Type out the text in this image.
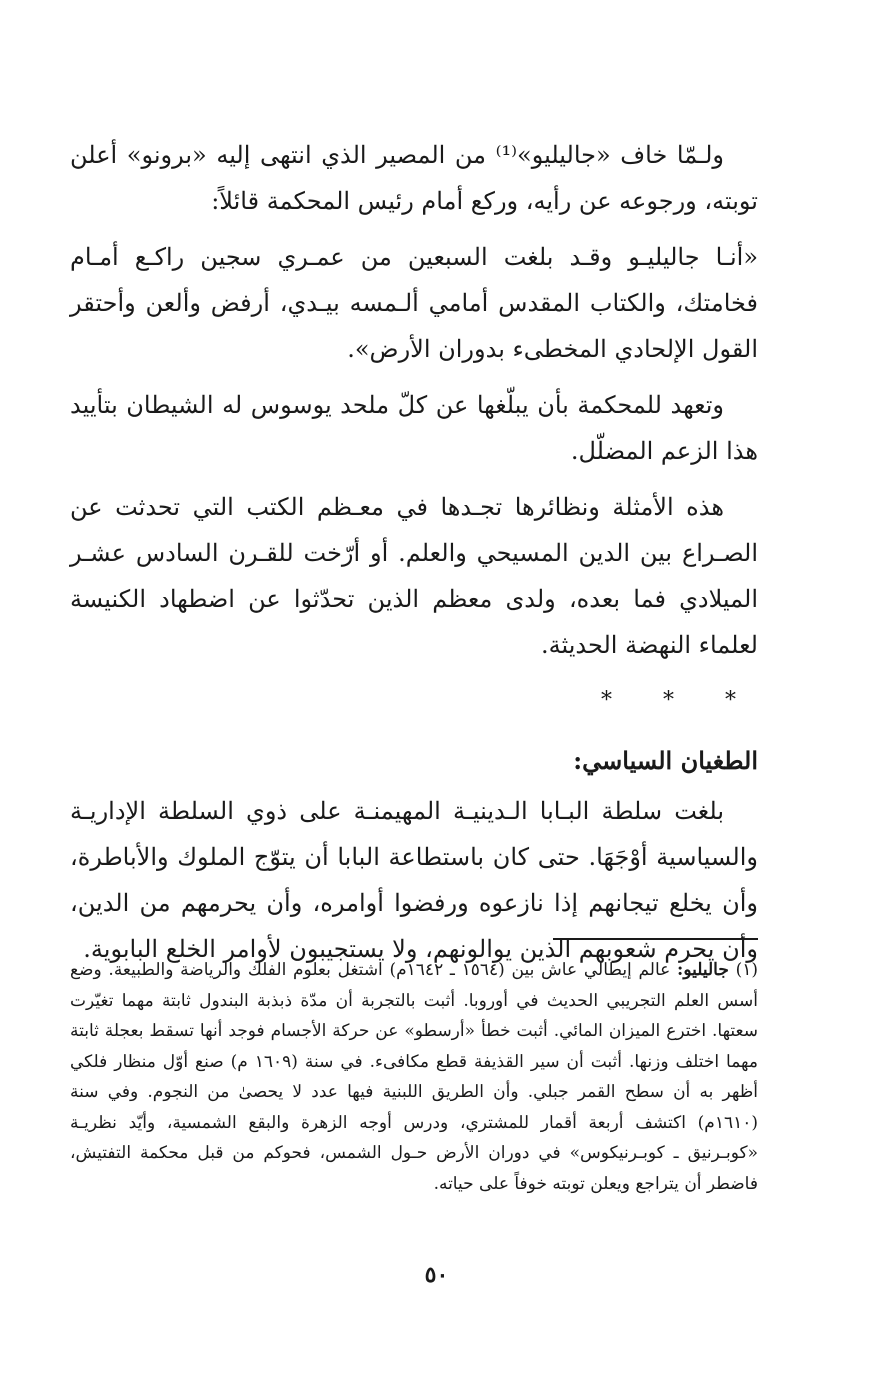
ولـمّا خاف «جاليليو»⁽¹⁾ من المصير الذي انتهى إليه «برونو» أعلن توبته، ورجوعه عن رأيه، وركع أمام رئيس المحكمة قائلاً:

«أنـا جاليليـو وقـد بلغت السبعين من عمـري سجين راكـع أمـام فخامتك، والكتاب المقدس أمامي ألـمسه بيـدي، أرفض وألعن وأحتقر القول الإلحادي المخطىء بدوران الأرض».

وتعهد للمحكمة بأن يبلّغها عن كلّ ملحد يوسوس له الشيطان بتأييد هذا الزعم المضلّل.

هذه الأمثلة ونظائرها تجـدها في معـظم الكتب التي تحدثت عن الصـراع بين الدين المسيحي والعلم. أو أرّخت للقـرن السادس عشـر الميلادي فما بعده، ولدى معظم الذين تحدّثوا عن اضطهاد الكنيسة لعلماء النهضة الحديثة.

* * *
الطغيان السياسي:

بلغت سلطة البـابا الـدينيـة المهيمنـة على ذوي السلطة الإداريـة والسياسية أوْجَهَا. حتى كان باستطاعة البابا أن يتوّج الملوك والأباطرة، وأن يخلع تيجانهم إذا نازعوه ورفضوا أوامره، وأن يحرمهم من الدين، وأن يحرم شعوبهم الذين يوالونهم، ولا يستجيبون لأوامر الخلع البابوية.

(١) جاليليو: عالم إيطالي عاش بين (١٥٦٤ ـ ١٦٤٢م) اشتغل بعلوم الفلك والرياضة والطبيعة. وضع أسس العلم التجريبي الحديث في أوروبا. أثبت بالتجربة أن مدّة ذبذبة البندول ثابتة مهما تغيّرت سعتها. اخترع الميزان المائي. أثبت خطأ «أرسطو» عن حركة الأجسام فوجد أنها تسقط بعجلة ثابتة مهما اختلف وزنها. أثبت أن سير القذيفة قطع مكافىء. في سنة (١٦٠٩ م) صنع أوّل منظار فلكي أظهر به أن سطح القمر جبلي. وأن الطريق اللبنية فيها عدد لا يحصىٰ من النجوم. وفي سنة (١٦١٠م) اكتشف أربعة أقمار للمشتري، ودرس أوجه الزهرة والبقع الشمسية، وأيّد نظريـة «كوبـرنيق ـ كوبـرنيكوس» في دوران الأرض حـول الشمس، فحوكم من قبل محكمة التفتيش، فاضطر أن يتراجع ويعلن توبته خوفاً على حياته.

٥٠
